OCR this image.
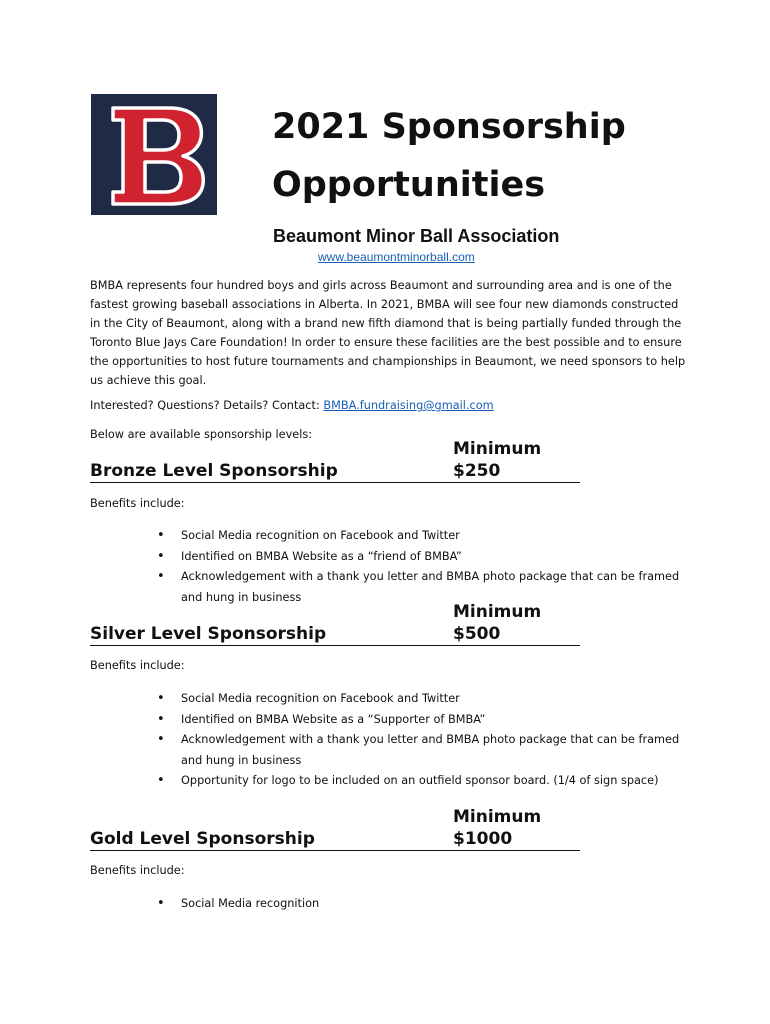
2021 Sponsorship
Opportunities
Beaumont Minor Ball Association
www.beaumontminorball.com

BMBA represents four hundred boys and girls across Beaumont and surrounding area and is one of the fastest growing baseball associations in Alberta. In 2021, BMBA will see four new diamonds constructed in the City of Beaumont, along with a brand new fifth diamond that is being partially funded through the Toronto Blue Jays Care Foundation! In order to ensure these facilities are the best possible and to ensure the opportunities to host future tournaments and championships in Beaumont, we need sponsors to help us achieve this goal.

Interested? Questions? Details? Contact: BMBA.fundraising@gmail.com
Below are available sponsorship levels:
Bronze Level Sponsorship
Minimum $250
Benefits include:
• Social Media recognition on Facebook and Twitter
• Identified on BMBA Website as a “friend of BMBA”
• Acknowledgement with a thank you letter and BMBA photo package that can be framed and hung in business
Silver Level Sponsorship
Minimum $500
Benefits include:
• Social Media recognition on Facebook and Twitter
• Identified on BMBA Website as a “Supporter of BMBA”
• Acknowledgement with a thank you letter and BMBA photo package that can be framed and hung in business
• Opportunity for logo to be included on an outfield sponsor board. (1/4 of sign space)
Gold Level Sponsorship
Minimum $1000
Benefits include:
• Social Media recognition
